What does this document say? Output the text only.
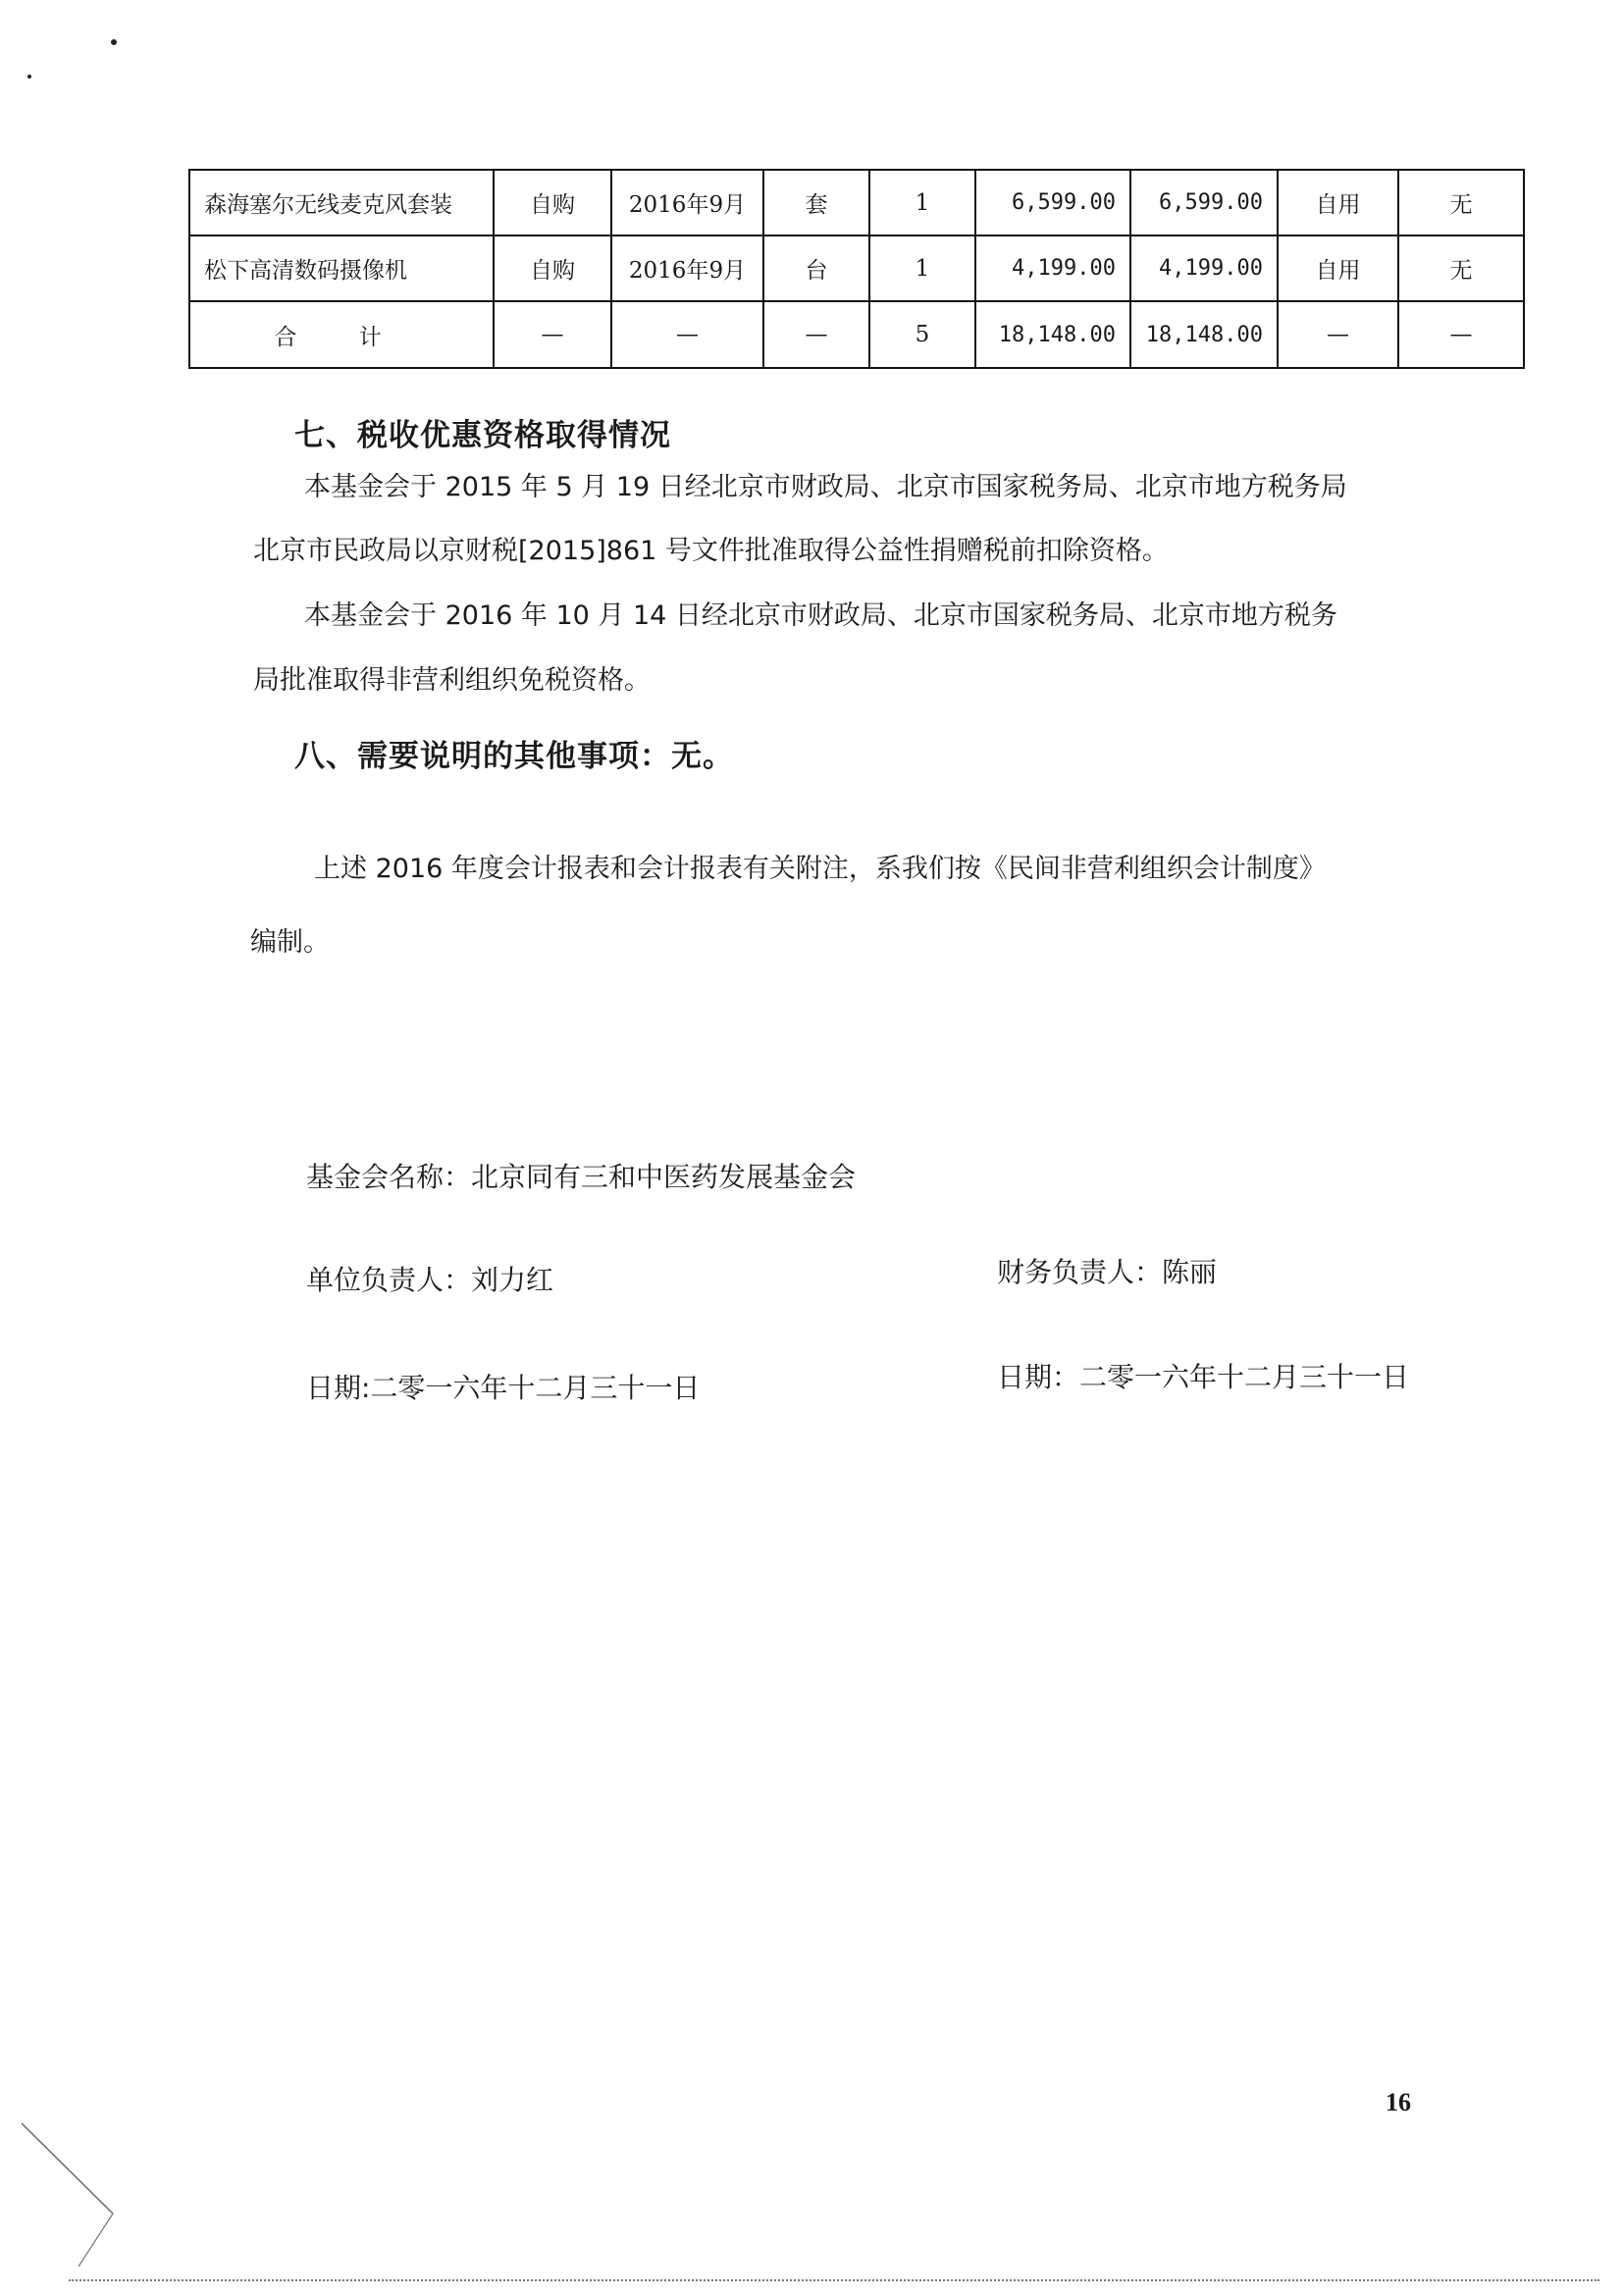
森海塞尔无线麦克风套装	自购	2016年9月	套	1	6,599.00	6,599.00	自用	无
松下高清数码摄像机	自购	2016年9月	台	1	4,199.00	4,199.00	自用	无
合 计	—	—	—	5	18,148.00	18,148.00	—	—
七、税收优惠资格取得情况
本基金会于 2015 年 5 月 19 日经北京市财政局、北京市国家税务局、北京市地方税务局
北京市民政局以京财税[2015]861 号文件批准取得公益性捐赠税前扣除资格。
本基金会于 2016 年 10 月 14 日经北京市财政局、北京市国家税务局、北京市地方税务
局批准取得非营利组织免税资格。
八、需要说明的其他事项：无。
上述 2016 年度会计报表和会计报表有关附注，系我们按《民间非营利组织会计制度》
编制。
基金会名称：北京同有三和中医药发展基金会
单位负责人：刘力红	财务负责人：陈丽
日期:二零一六年十二月三十一日	日期：二零一六年十二月三十一日
16
